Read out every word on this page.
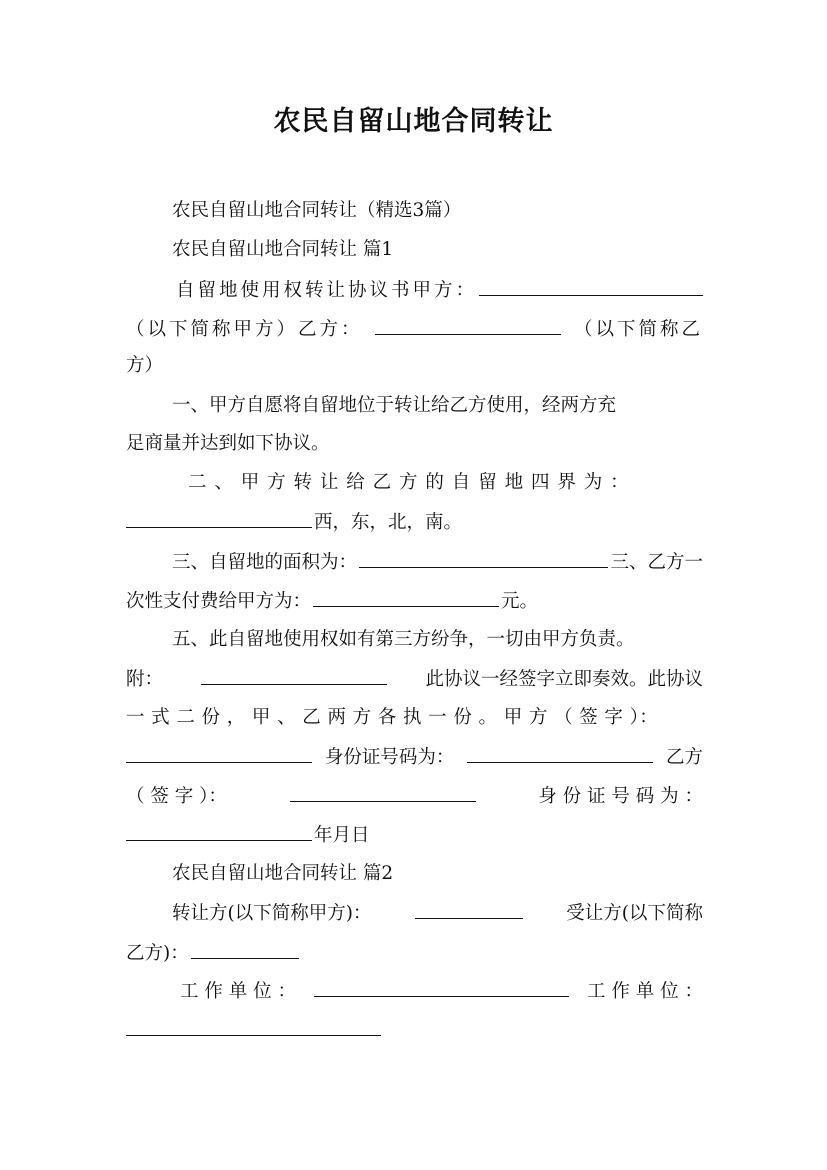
农民自留山地合同转让
农民自留山地合同转让（精选3篇）
农民自留山地合同转让 篇1
自留地使用权转让协议书甲方：
（以下简称甲方）乙方：	（以下简称乙
方）
一、甲方自愿将自留地位于转让给乙方使用，经两方充
足商量并达到如下协议。
二 、 甲 方 转 让 给 乙 方 的 自 留 地 四 界 为 ：
西，东，北，南。
三、自留地的面积为：	三、乙方一
次性支付费给甲方为：	元。
五、此自留地使用权如有第三方纷争，一切由甲方负责。
附：	此协议一经签字立即奏效。此协议
一 式 二 份 ， 甲 、 乙 两 方 各 执 一 份 。 甲 方 （ 签 字 ）：
身份证号码为：	乙方
（ 签 字 ）：	身 份 证 号 码 为 ：
年月日
农民自留山地合同转让 篇2
转让方(以下简称甲方)：	受让方(以下简称
乙方)：
工 作 单 位 ：	工 作 单 位 ：
